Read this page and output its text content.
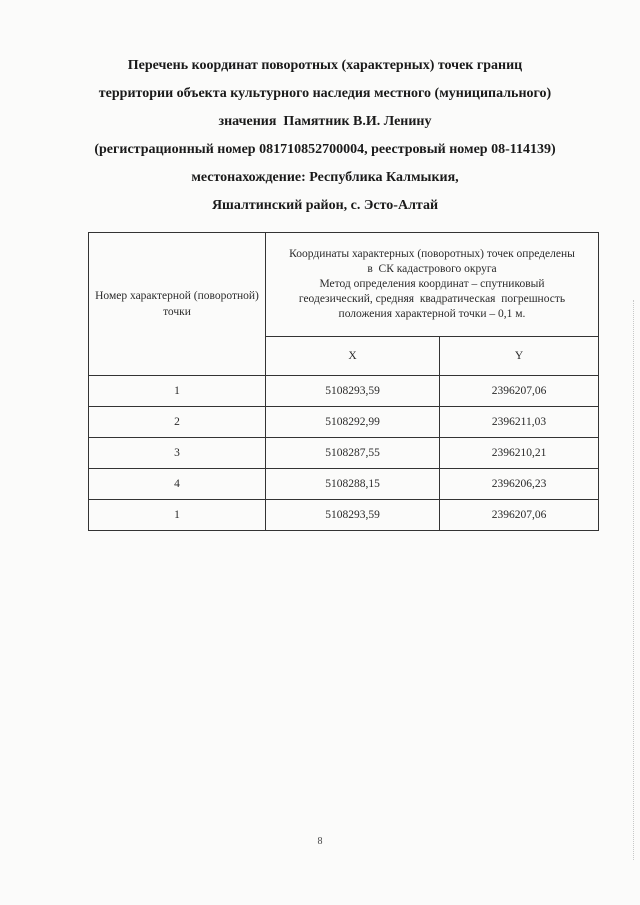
Перечень координат поворотных (характерных) точек границ
территории объекта культурного наследия местного (муниципального)
значения  Памятник В.И. Ленину
(регистрационный номер 081710852700004, реестровый номер 08-114139)
местонахождение: Республика Калмыкия,
Яшалтинский район, с. Эсто-Алтай
Номер характерной (поворотной) точки	Координаты характерных (поворотных) точек определены
в  СК кадастрового округа
Метод определения координат – спутниковый
геодезический, средняя  квадратическая  погрешность
положения характерной точки – 0,1 м.	

	X	Y
1	5108293,59	2396207,06
2	5108292,99	2396211,03
3	5108287,55	2396210,21
4	5108288,15	2396206,23
1	5108293,59	2396207,06
8
